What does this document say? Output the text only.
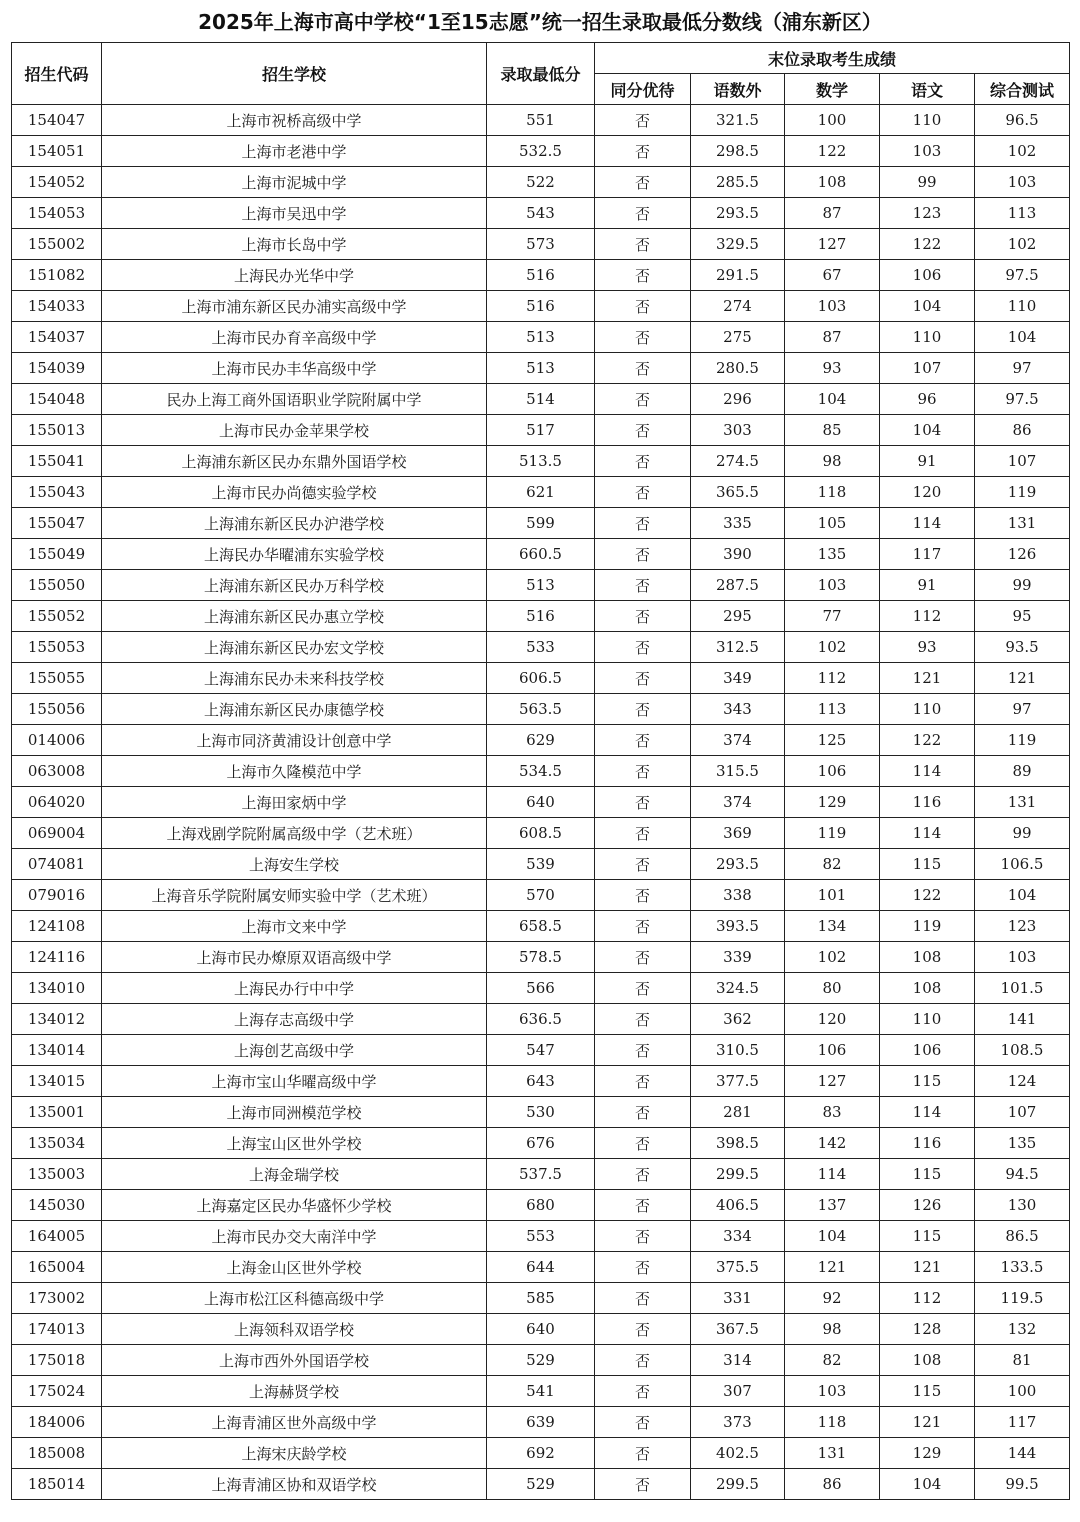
2025年上海市高中学校“1至15志愿”统一招生录取最低分数线（浦东新区）
招生代码	招生学校	录取最低分	末位录取考生成绩				
			同分优待	语数外	数学	语文	综合测试
154047	上海市祝桥高级中学	551	否	321.5	100	110	96.5
154051	上海市老港中学	532.5	否	298.5	122	103	102
154052	上海市泥城中学	522	否	285.5	108	99	103
154053	上海市吴迅中学	543	否	293.5	87	123	113
155002	上海市长岛中学	573	否	329.5	127	122	102
151082	上海民办光华中学	516	否	291.5	67	106	97.5
154033	上海市浦东新区民办浦实高级中学	516	否	274	103	104	110
154037	上海市民办育辛高级中学	513	否	275	87	110	104
154039	上海市民办丰华高级中学	513	否	280.5	93	107	97
154048	民办上海工商外国语职业学院附属中学	514	否	296	104	96	97.5
155013	上海市民办金苹果学校	517	否	303	85	104	86
155041	上海浦东新区民办东鼎外国语学校	513.5	否	274.5	98	91	107
155043	上海市民办尚德实验学校	621	否	365.5	118	120	119
155047	上海浦东新区民办沪港学校	599	否	335	105	114	131
155049	上海民办华曜浦东实验学校	660.5	否	390	135	117	126
155050	上海浦东新区民办万科学校	513	否	287.5	103	91	99
155052	上海浦东新区民办惠立学校	516	否	295	77	112	95
155053	上海浦东新区民办宏文学校	533	否	312.5	102	93	93.5
155055	上海浦东民办未来科技学校	606.5	否	349	112	121	121
155056	上海浦东新区民办康德学校	563.5	否	343	113	110	97
014006	上海市同济黄浦设计创意中学	629	否	374	125	122	119
063008	上海市久隆模范中学	534.5	否	315.5	106	114	89
064020	上海田家炳中学	640	否	374	129	116	131
069004	上海戏剧学院附属高级中学（艺术班）	608.5	否	369	119	114	99
074081	上海安生学校	539	否	293.5	82	115	106.5
079016	上海音乐学院附属安师实验中学（艺术班）	570	否	338	101	122	104
124108	上海市文来中学	658.5	否	393.5	134	119	123
124116	上海市民办燎原双语高级中学	578.5	否	339	102	108	103
134010	上海民办行中中学	566	否	324.5	80	108	101.5
134012	上海存志高级中学	636.5	否	362	120	110	141
134014	上海创艺高级中学	547	否	310.5	106	106	108.5
134015	上海市宝山华曜高级中学	643	否	377.5	127	115	124
135001	上海市同洲模范学校	530	否	281	83	114	107
135034	上海宝山区世外学校	676	否	398.5	142	116	135
135003	上海金瑞学校	537.5	否	299.5	114	115	94.5
145030	上海嘉定区民办华盛怀少学校	680	否	406.5	137	126	130
164005	上海市民办交大南洋中学	553	否	334	104	115	86.5
165004	上海金山区世外学校	644	否	375.5	121	121	133.5
173002	上海市松江区科德高级中学	585	否	331	92	112	119.5
174013	上海领科双语学校	640	否	367.5	98	128	132
175018	上海市西外外国语学校	529	否	314	82	108	81
175024	上海赫贤学校	541	否	307	103	115	100
184006	上海青浦区世外高级中学	639	否	373	118	121	117
185008	上海宋庆龄学校	692	否	402.5	131	129	144
185014	上海青浦区协和双语学校	529	否	299.5	86	104	99.5
